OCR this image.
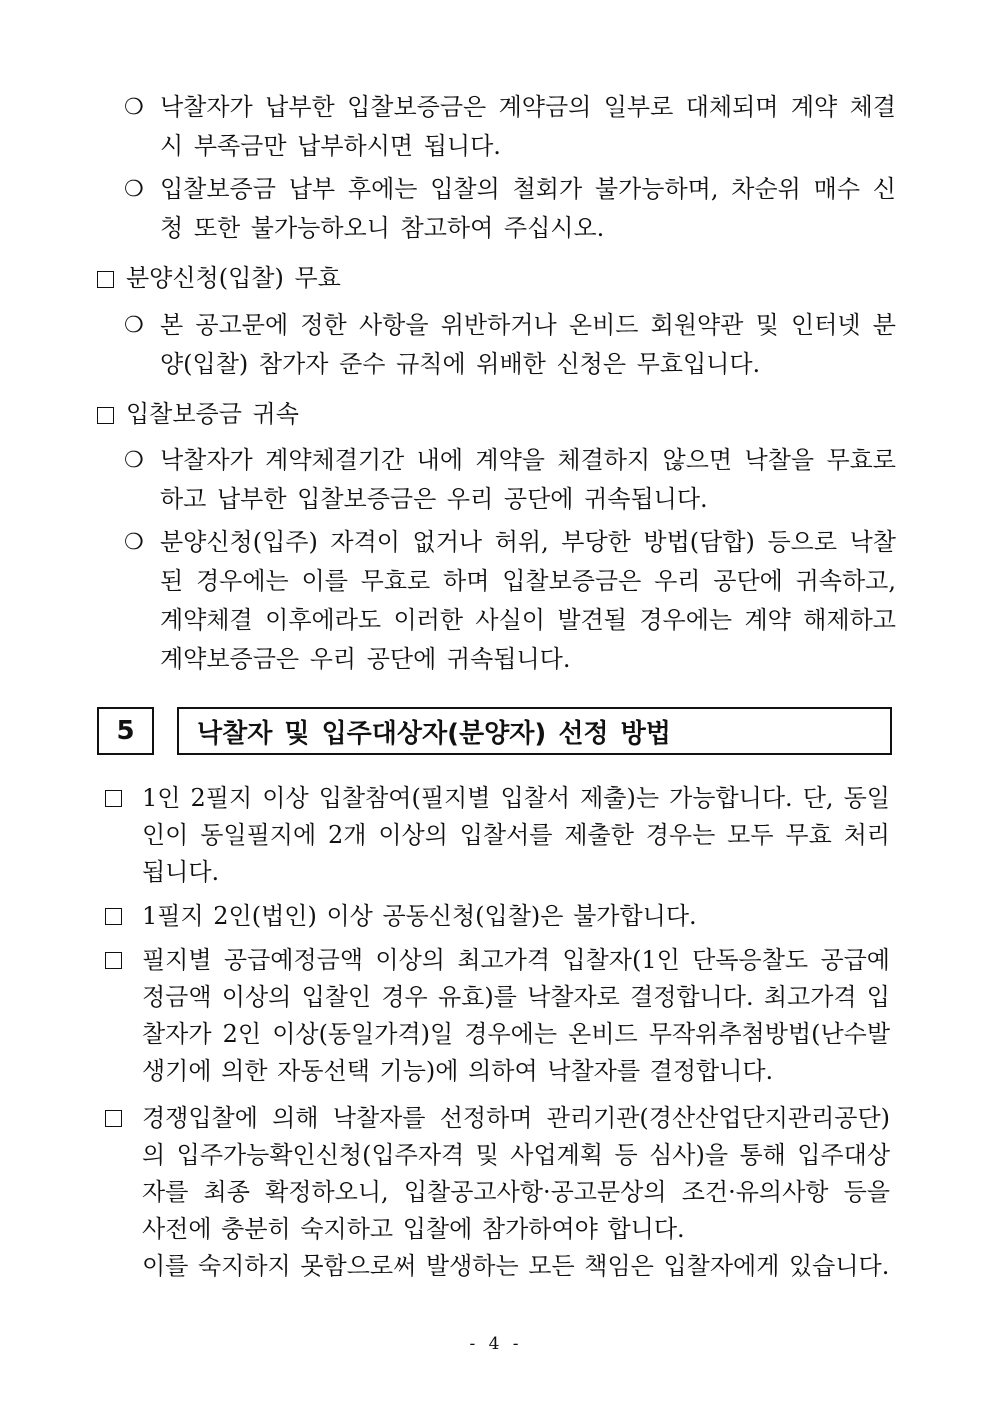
❍ 낙찰자가 납부한 입찰보증금은 계약금의 일부로 대체되며 계약 체결 시 부족금만 납부하시면 됩니다.
❍ 입찰보증금 납부 후에는 입찰의 철회가 불가능하며, 차순위 매수 신청 또한 불가능하오니 참고하여 주십시오.
분양신청(입찰) 무효
❍ 본 공고문에 정한 사항을 위반하거나 온비드 회원약관 및 인터넷 분양(입찰) 참가자 준수 규칙에 위배한 신청은 무효입니다.
입찰보증금 귀속
❍ 낙찰자가 계약체결기간 내에 계약을 체결하지 않으면 낙찰을 무효로 하고 납부한 입찰보증금은 우리 공단에 귀속됩니다.
❍ 분양신청(입주) 자격이 없거나 허위, 부당한 방법(담합) 등으로 낙찰된 경우에는 이를 무효로 하며 입찰보증금은 우리 공단에 귀속하고, 계약체결 이후에라도 이러한 사실이 발견될 경우에는 계약 해제하고 계약보증금은 우리 공단에 귀속됩니다.
5	낙찰자 및 입주대상자(분양자) 선정 방법
1인 2필지 이상 입찰참여(필지별 입찰서 제출)는 가능합니다. 단, 동일인이 동일필지에 2개 이상의 입찰서를 제출한 경우는 모두 무효 처리됩니다.
1필지 2인(법인) 이상 공동신청(입찰)은 불가합니다.
필지별 공급예정금액 이상의 최고가격 입찰자(1인 단독응찰도 공급예정금액 이상의 입찰인 경우 유효)를 낙찰자로 결정합니다. 최고가격 입찰자가 2인 이상(동일가격)일 경우에는 온비드 무작위추첨방법(난수발생기에 의한 자동선택 기능)에 의하여 낙찰자를 결정합니다.
경쟁입찰에 의해 낙찰자를 선정하며 관리기관(경산산업단지관리공단)의 입주가능확인신청(입주자격 및 사업계획 등 심사)을 통해 입주대상자를 최종 확정하오니, 입찰공고사항·공고문상의 조건·유의사항 등을 사전에 충분히 숙지하고 입찰에 참가하여야 합니다.
이를 숙지하지 못함으로써 발생하는 모든 책임은 입찰자에게 있습니다.
- 4 -
